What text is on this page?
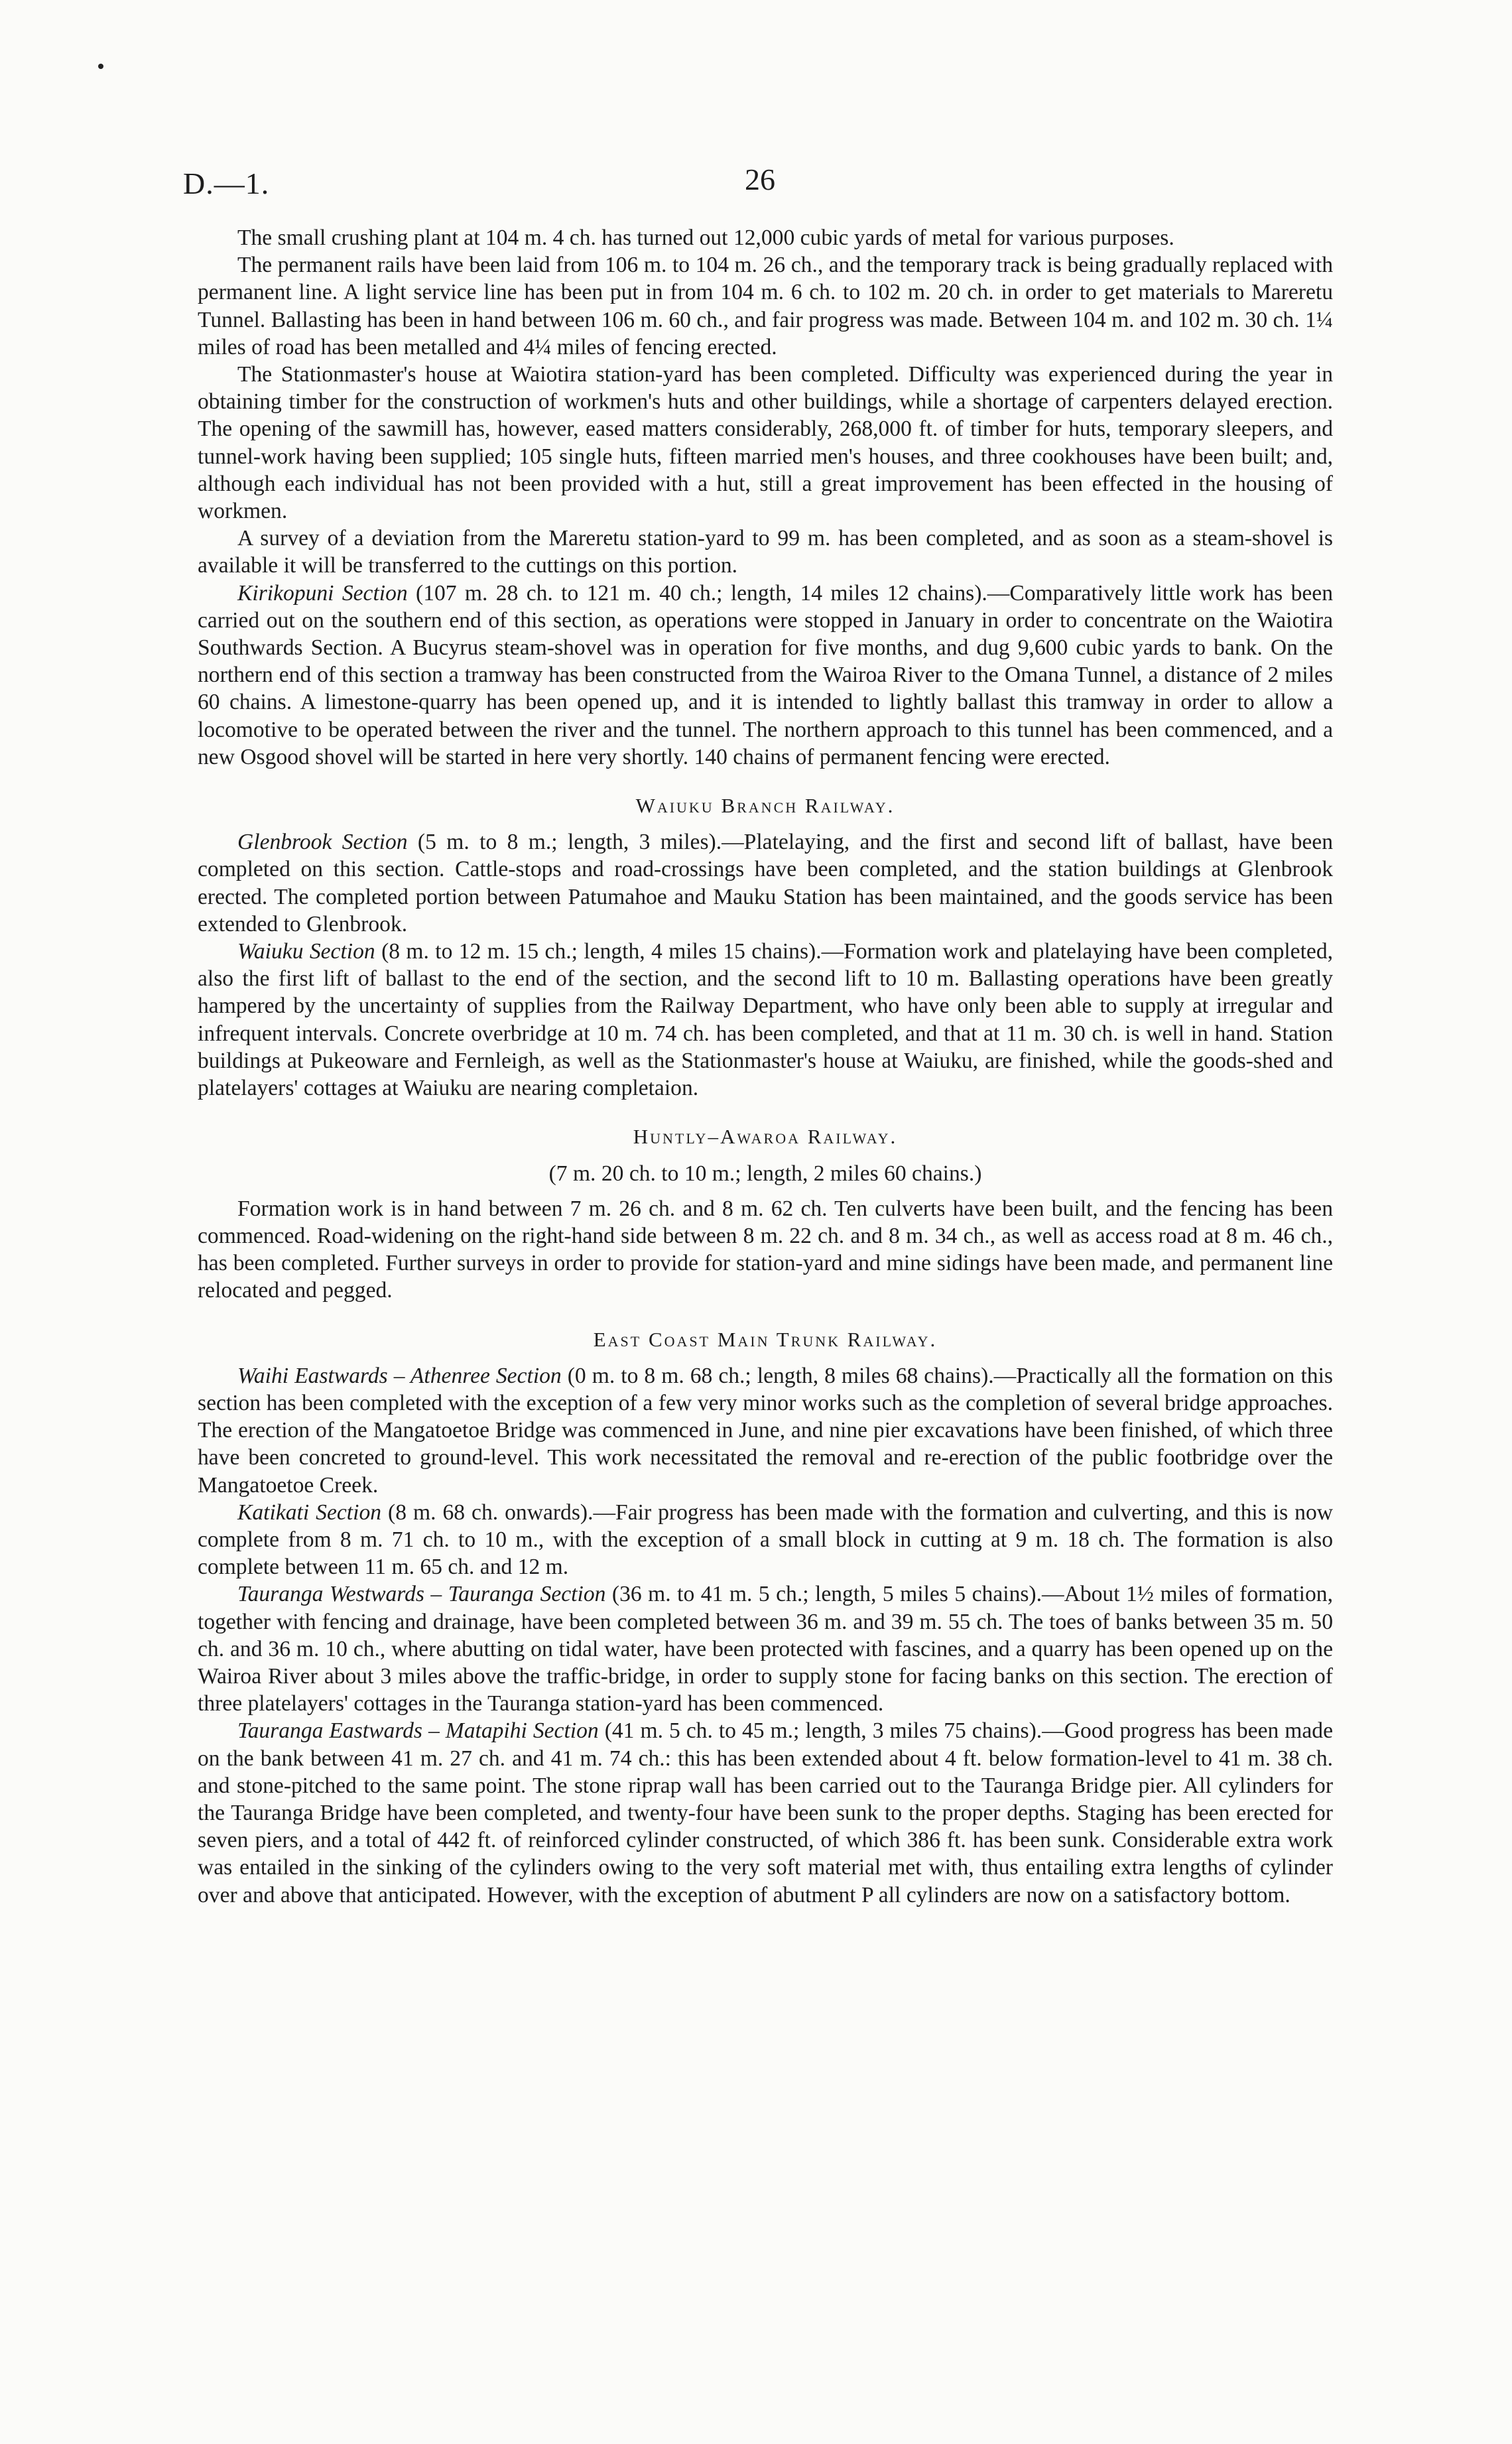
D.—1.	26

The small crushing plant at 104 m. 4 ch. has turned out 12,000 cubic yards of metal for various purposes.

The permanent rails have been laid from 106 m. to 104 m. 26 ch., and the temporary track is being gradually replaced with permanent line. A light service line has been put in from 104 m. 6 ch. to 102 m. 20 ch. in order to get materials to Mareretu Tunnel. Ballasting has been in hand between 106 m. 60 ch., and fair progress was made. Between 104 m. and 102 m. 30 ch. 1¼ miles of road has been metalled and 4¼ miles of fencing erected.

The Stationmaster's house at Waiotira station-yard has been completed. Difficulty was experienced during the year in obtaining timber for the construction of workmen's huts and other buildings, while a shortage of carpenters delayed erection. The opening of the sawmill has, however, eased matters considerably, 268,000 ft. of timber for huts, temporary sleepers, and tunnel-work having been supplied; 105 single huts, fifteen married men's houses, and three cookhouses have been built; and, although each individual has not been provided with a hut, still a great improvement has been effected in the housing of workmen.

A survey of a deviation from the Mareretu station-yard to 99 m. has been completed, and as soon as a steam-shovel is available it will be transferred to the cuttings on this portion.

Kirikopuni Section (107 m. 28 ch. to 121 m. 40 ch.; length, 14 miles 12 chains).—Comparatively little work has been carried out on the southern end of this section, as operations were stopped in January in order to concentrate on the Waiotira Southwards Section. A Bucyrus steam-shovel was in operation for five months, and dug 9,600 cubic yards to bank. On the northern end of this section a tramway has been constructed from the Wairoa River to the Omana Tunnel, a distance of 2 miles 60 chains. A limestone-quarry has been opened up, and it is intended to lightly ballast this tramway in order to allow a locomotive to be operated between the river and the tunnel. The northern approach to this tunnel has been commenced, and a new Osgood shovel will be started in here very shortly. 140 chains of permanent fencing were erected.

Waiuku Branch Railway.

Glenbrook Section (5 m. to 8 m.; length, 3 miles).—Platelaying, and the first and second lift of ballast, have been completed on this section. Cattle-stops and road-crossings have been completed, and the station buildings at Glenbrook erected. The completed portion between Patumahoe and Mauku Station has been maintained, and the goods service has been extended to Glenbrook.

Waiuku Section (8 m. to 12 m. 15 ch.; length, 4 miles 15 chains).—Formation work and platelaying have been completed, also the first lift of ballast to the end of the section, and the second lift to 10 m. Ballasting operations have been greatly hampered by the uncertainty of supplies from the Railway Department, who have only been able to supply at irregular and infrequent intervals. Concrete overbridge at 10 m. 74 ch. has been completed, and that at 11 m. 30 ch. is well in hand. Station buildings at Pukeoware and Fernleigh, as well as the Stationmaster's house at Waiuku, are finished, while the goods-shed and platelayers' cottages at Waiuku are nearing completaion.

Huntly–Awaroa Railway.

(7 m. 20 ch. to 10 m.; length, 2 miles 60 chains.)

Formation work is in hand between 7 m. 26 ch. and 8 m. 62 ch. Ten culverts have been built, and the fencing has been commenced. Road-widening on the right-hand side between 8 m. 22 ch. and 8 m. 34 ch., as well as access road at 8 m. 46 ch., has been completed. Further surveys in order to provide for station-yard and mine sidings have been made, and permanent line relocated and pegged.

East Coast Main Trunk Railway.

Waihi Eastwards – Athenree Section (0 m. to 8 m. 68 ch.; length, 8 miles 68 chains).—Practically all the formation on this section has been completed with the exception of a few very minor works such as the completion of several bridge approaches. The erection of the Mangatoetoe Bridge was commenced in June, and nine pier excavations have been finished, of which three have been concreted to ground-level. This work necessitated the removal and re-erection of the public footbridge over the Mangatoetoe Creek.

Katikati Section (8 m. 68 ch. onwards).—Fair progress has been made with the formation and culverting, and this is now complete from 8 m. 71 ch. to 10 m., with the exception of a small block in cutting at 9 m. 18 ch. The formation is also complete between 11 m. 65 ch. and 12 m.

Tauranga Westwards – Tauranga Section (36 m. to 41 m. 5 ch.; length, 5 miles 5 chains).—About 1½ miles of formation, together with fencing and drainage, have been completed between 36 m. and 39 m. 55 ch. The toes of banks between 35 m. 50 ch. and 36 m. 10 ch., where abutting on tidal water, have been protected with fascines, and a quarry has been opened up on the Wairoa River about 3 miles above the traffic-bridge, in order to supply stone for facing banks on this section. The erection of three platelayers' cottages in the Tauranga station-yard has been commenced.

Tauranga Eastwards – Matapihi Section (41 m. 5 ch. to 45 m.; length, 3 miles 75 chains).—Good progress has been made on the bank between 41 m. 27 ch. and 41 m. 74 ch.: this has been extended about 4 ft. below formation-level to 41 m. 38 ch. and stone-pitched to the same point. The stone riprap wall has been carried out to the Tauranga Bridge pier. All cylinders for the Tauranga Bridge have been completed, and twenty-four have been sunk to the proper depths. Staging has been erected for seven piers, and a total of 442 ft. of reinforced cylinder constructed, of which 386 ft. has been sunk. Considerable extra work was entailed in the sinking of the cylinders owing to the very soft material met with, thus entailing extra lengths of cylinder over and above that anticipated. However, with the exception of abutment P all cylinders are now on a satisfactory bottom.
